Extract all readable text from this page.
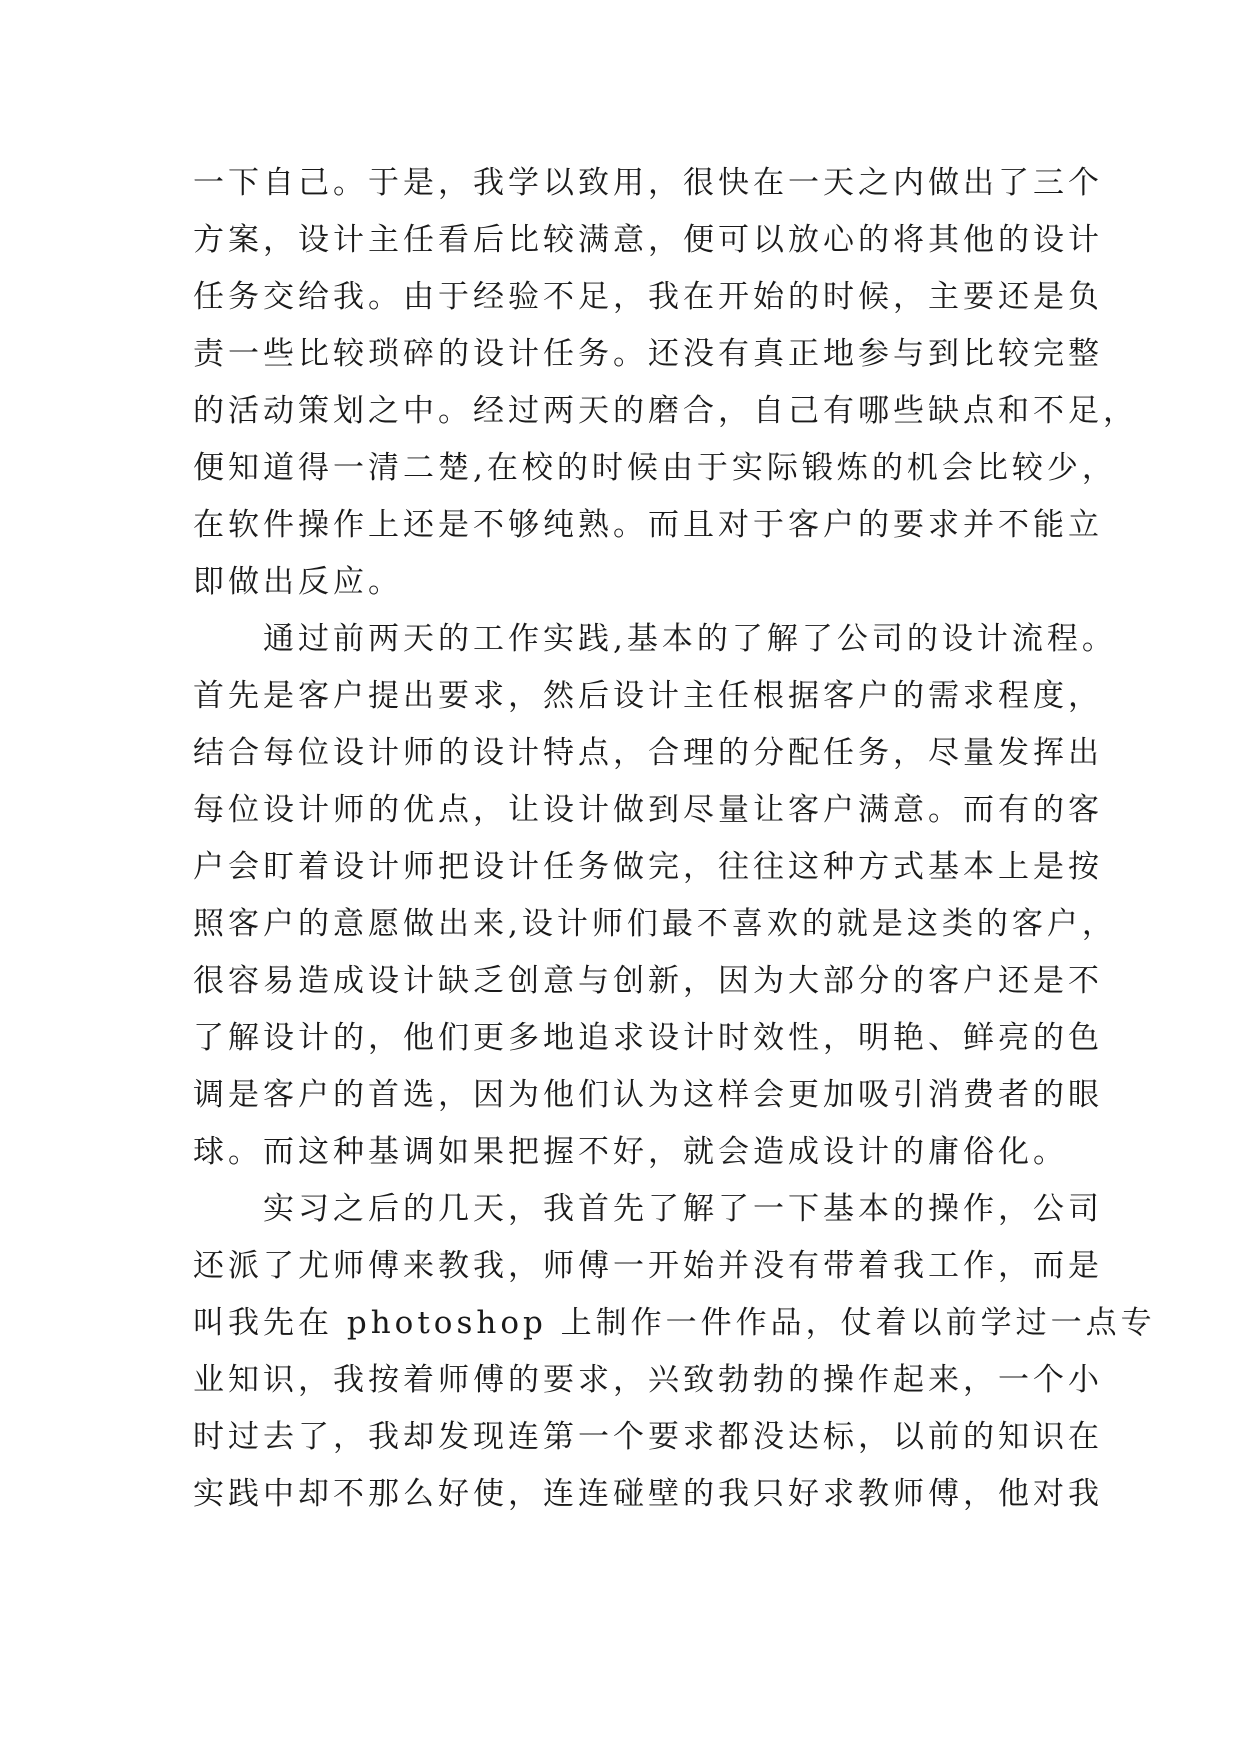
一下自己。于是，我学以致用，很快在一天之内做出了三个
方案，设计主任看后比较满意，便可以放心的将其他的设计
任务交给我。由于经验不足，我在开始的时候，主要还是负
责一些比较琐碎的设计任务。还没有真正地参与到比较完整
的活动策划之中。经过两天的磨合，自己有哪些缺点和不足，
便知道得一清二楚,在校的时候由于实际锻炼的机会比较少，
在软件操作上还是不够纯熟。而且对于客户的要求并不能立
即做出反应。
　　通过前两天的工作实践,基本的了解了公司的设计流程。
首先是客户提出要求，然后设计主任根据客户的需求程度，
结合每位设计师的设计特点，合理的分配任务，尽量发挥出
每位设计师的优点，让设计做到尽量让客户满意。而有的客
户会盯着设计师把设计任务做完，往往这种方式基本上是按
照客户的意愿做出来,设计师们最不喜欢的就是这类的客户，
很容易造成设计缺乏创意与创新，因为大部分的客户还是不
了解设计的，他们更多地追求设计时效性，明艳、鲜亮的色
调是客户的首选，因为他们认为这样会更加吸引消费者的眼
球。而这种基调如果把握不好，就会造成设计的庸俗化。
　　实习之后的几天，我首先了解了一下基本的操作，公司
还派了尤师傅来教我，师傅一开始并没有带着我工作，而是
叫我先在 photoshop 上制作一件作品，仗着以前学过一点专
业知识，我按着师傅的要求，兴致勃勃的操作起来，一个小
时过去了，我却发现连第一个要求都没达标，以前的知识在
实践中却不那么好使，连连碰壁的我只好求教师傅，他对我
